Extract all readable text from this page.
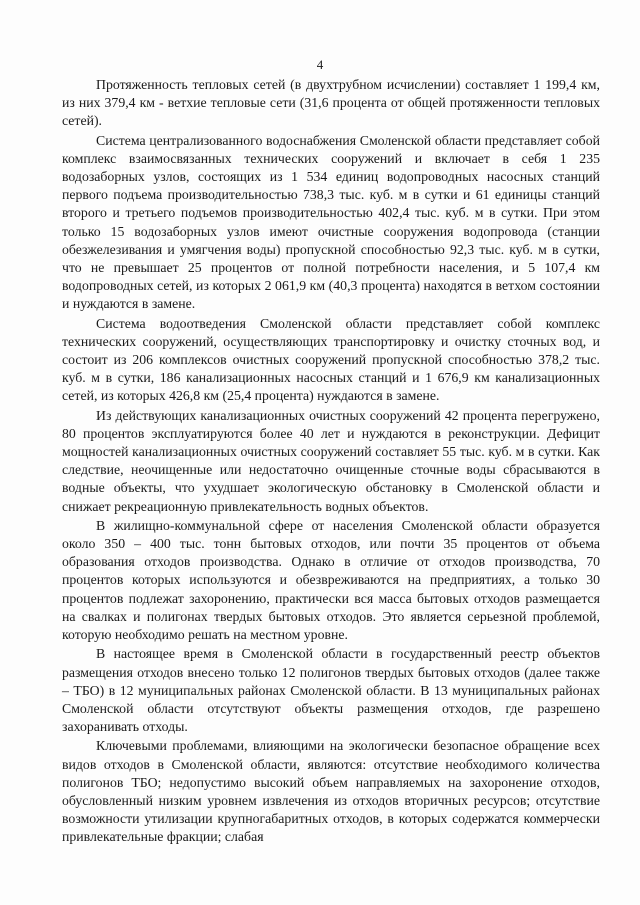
4

Протяженность тепловых сетей (в двухтрубном исчислении) составляет 1 199,4 км, из них 379,4 км - ветхие тепловые сети (31,6 процента от общей протяженности тепловых сетей).

Система централизованного водоснабжения Смоленской области представляет собой комплекс взаимосвязанных технических сооружений и включает в себя 1 235 водозаборных узлов, состоящих из 1 534 единиц водопроводных насосных станций первого подъема производительностью 738,3 тыс. куб. м в сутки и 61 единицы станций второго и третьего подъемов производительностью 402,4 тыс. куб. м в сутки. При этом только 15 водозаборных узлов имеют очистные сооружения водопровода (станции обезжелезивания и умягчения воды) пропускной способностью 92,3 тыс. куб. м в сутки, что не превышает 25 процентов от полной потребности населения, и 5 107,4 км водопроводных сетей, из которых 2 061,9 км (40,3 процента) находятся в ветхом состоянии и нуждаются в замене.

Система водоотведения Смоленской области представляет собой комплекс технических сооружений, осуществляющих транспортировку и очистку сточных вод, и состоит из 206 комплексов очистных сооружений пропускной способностью 378,2 тыс. куб. м в сутки, 186 канализационных насосных станций и 1 676,9 км канализационных сетей, из которых 426,8 км (25,4 процента) нуждаются в замене.

Из действующих канализационных очистных сооружений 42 процента перегружено, 80 процентов эксплуатируются более 40 лет и нуждаются в реконструкции. Дефицит мощностей канализационных очистных сооружений составляет 55 тыс. куб. м в сутки. Как следствие, неочищенные или недостаточно очищенные сточные воды сбрасываются в водные объекты, что ухудшает экологическую обстановку в Смоленской области и снижает рекреационную привлекательность водных объектов.

В жилищно-коммунальной сфере от населения Смоленской области образуется около 350 – 400 тыс. тонн бытовых отходов, или почти 35 процентов от объема образования отходов производства. Однако в отличие от отходов производства, 70 процентов которых используются и обезвреживаются на предприятиях, а только 30 процентов подлежат захоронению, практически вся масса бытовых отходов размещается на свалках и полигонах твердых бытовых отходов. Это является серьезной проблемой, которую необходимо решать на местном уровне.

В настоящее время в Смоленской области в государственный реестр объектов размещения отходов внесено только 12 полигонов твердых бытовых отходов (далее также – ТБО) в 12 муниципальных районах Смоленской области. В 13 муниципальных районах Смоленской области отсутствуют объекты размещения отходов, где разрешено захоранивать отходы.

Ключевыми проблемами, влияющими на экологически безопасное обращение всех видов отходов в Смоленской области, являются: отсутствие необходимого количества полигонов ТБО; недопустимо высокий объем направляемых на захоронение отходов, обусловленный низким уровнем извлечения из отходов вторичных ресурсов; отсутствие возможности утилизации крупногабаритных отходов, в которых содержатся коммерчески привлекательные фракции; слабая
